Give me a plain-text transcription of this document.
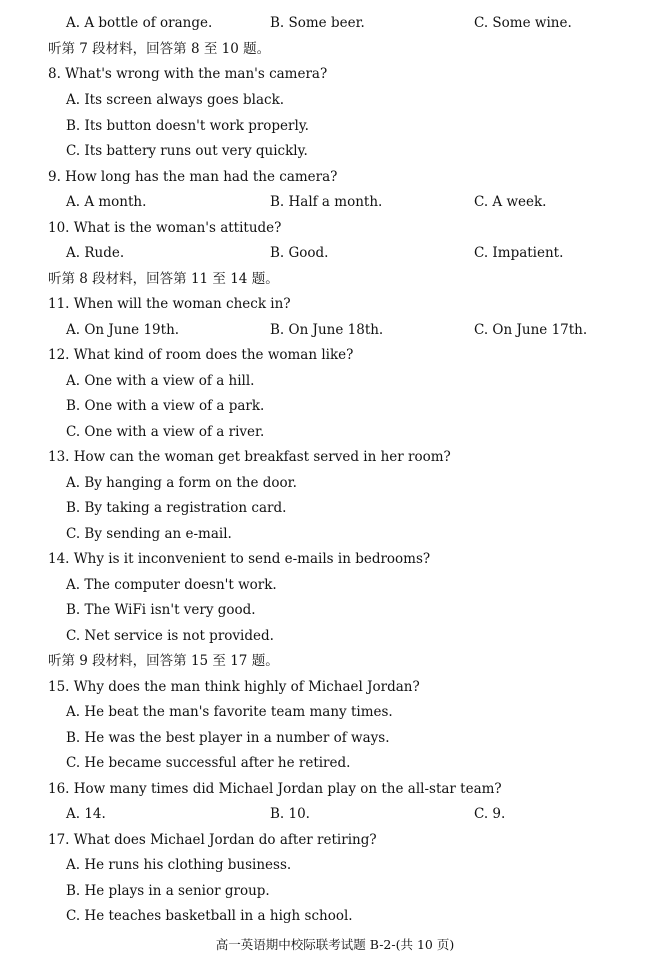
A. A bottle of orange.	B. Some beer.	C. Some wine.
听第 7 段材料，回答第 8 至 10 题。
8. What's wrong with the man's camera?
A. Its screen always goes black.
B. Its button doesn't work properly.
C. Its battery runs out very quickly.
9. How long has the man had the camera?
A. A month.	B. Half a month.	C. A week.
10. What is the woman's attitude?
A. Rude.	B. Good.	C. Impatient.
听第 8 段材料，回答第 11 至 14 题。
11. When will the woman check in?
A. On June 19th.	B. On June 18th.	C. On June 17th.
12. What kind of room does the woman like?
A. One with a view of a hill.
B. One with a view of a park.
C. One with a view of a river.
13. How can the woman get breakfast served in her room?
A. By hanging a form on the door.
B. By taking a registration card.
C. By sending an e-mail.
14. Why is it inconvenient to send e-mails in bedrooms?
A. The computer doesn't work.
B. The WiFi isn't very good.
C. Net service is not provided.
听第 9 段材料，回答第 15 至 17 题。
15. Why does the man think highly of Michael Jordan?
A. He beat the man's favorite team many times.
B. He was the best player in a number of ways.
C. He became successful after he retired.
16. How many times did Michael Jordan play on the all-star team?
A. 14.	B. 10.	C. 9.
17. What does Michael Jordan do after retiring?
A. He runs his clothing business.
B. He plays in a senior group.
C. He teaches basketball in a high school.
高一英语期中校际联考试题 B-2-(共 10 页)
